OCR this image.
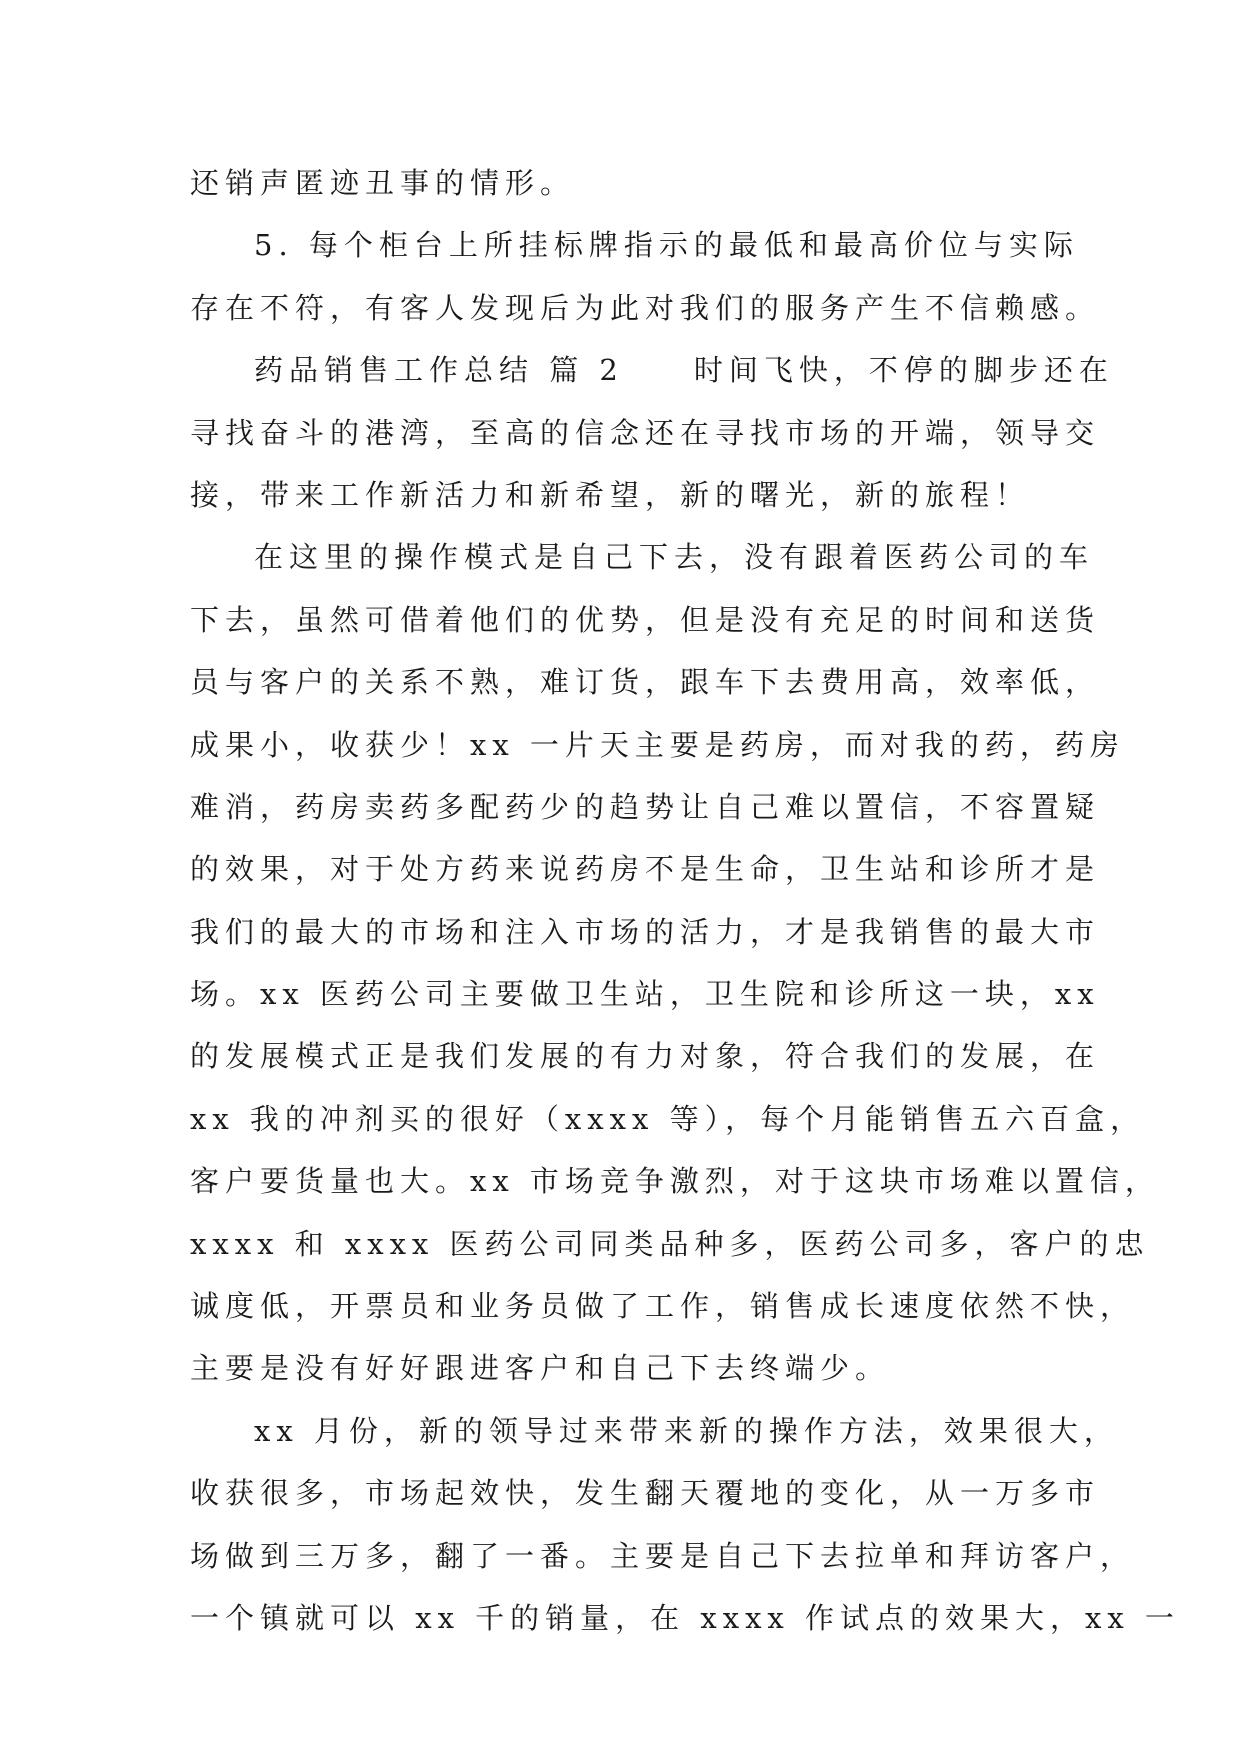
还销声匿迹丑事的情形。
5. 每个柜台上所挂标牌指示的最低和最高价位与实际
存在不符，有客人发现后为此对我们的服务产生不信赖感。
药品销售工作总结 篇 2　　时间飞快，不停的脚步还在
寻找奋斗的港湾，至高的信念还在寻找市场的开端，领导交
接，带来工作新活力和新希望，新的曙光，新的旅程！
在这里的操作模式是自己下去，没有跟着医药公司的车
下去，虽然可借着他们的优势，但是没有充足的时间和送货
员与客户的关系不熟，难订货，跟车下去费用高，效率低，
成果小，收获少！xx 一片天主要是药房，而对我的药，药房
难消，药房卖药多配药少的趋势让自己难以置信，不容置疑
的效果，对于处方药来说药房不是生命，卫生站和诊所才是
我们的最大的市场和注入市场的活力，才是我销售的最大市
场。xx 医药公司主要做卫生站，卫生院和诊所这一块，xx
的发展模式正是我们发展的有力对象，符合我们的发展，在
xx 我的冲剂买的很好（xxxx 等），每个月能销售五六百盒，
客户要货量也大。xx 市场竞争激烈，对于这块市场难以置信，
xxxx 和 xxxx 医药公司同类品种多，医药公司多，客户的忠
诚度低，开票员和业务员做了工作，销售成长速度依然不快，
主要是没有好好跟进客户和自己下去终端少。
xx 月份，新的领导过来带来新的操作方法，效果很大，
收获很多，市场起效快，发生翻天覆地的变化，从一万多市
场做到三万多，翻了一番。主要是自己下去拉单和拜访客户，
一个镇就可以 xx 千的销量，在 xxxx 作试点的效果大，xx 一
